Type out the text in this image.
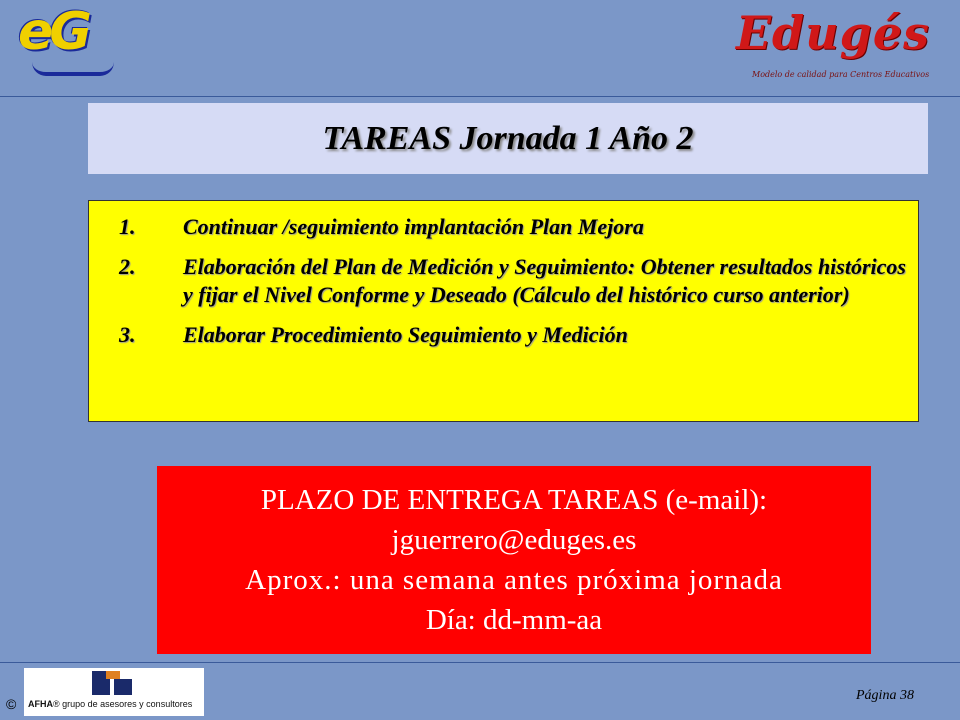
eG	Edugés
Modelo de calidad para Centros Educativos
TAREAS Jornada 1 Año 2
1.	Continuar /seguimiento implantación Plan Mejora
2.	Elaboración del Plan de Medición y Seguimiento: Obtener resultados históricos y fijar el Nivel Conforme y Deseado (Cálculo del histórico curso anterior)
3.	Elaborar Procedimiento Seguimiento y Medición
PLAZO DE ENTREGA TAREAS (e-mail):
jguerrero@eduges.es
Aprox.: una semana antes próxima jornada
Día: dd-mm-aa
© AFHA® grupo de asesores y consultores
Página 38
